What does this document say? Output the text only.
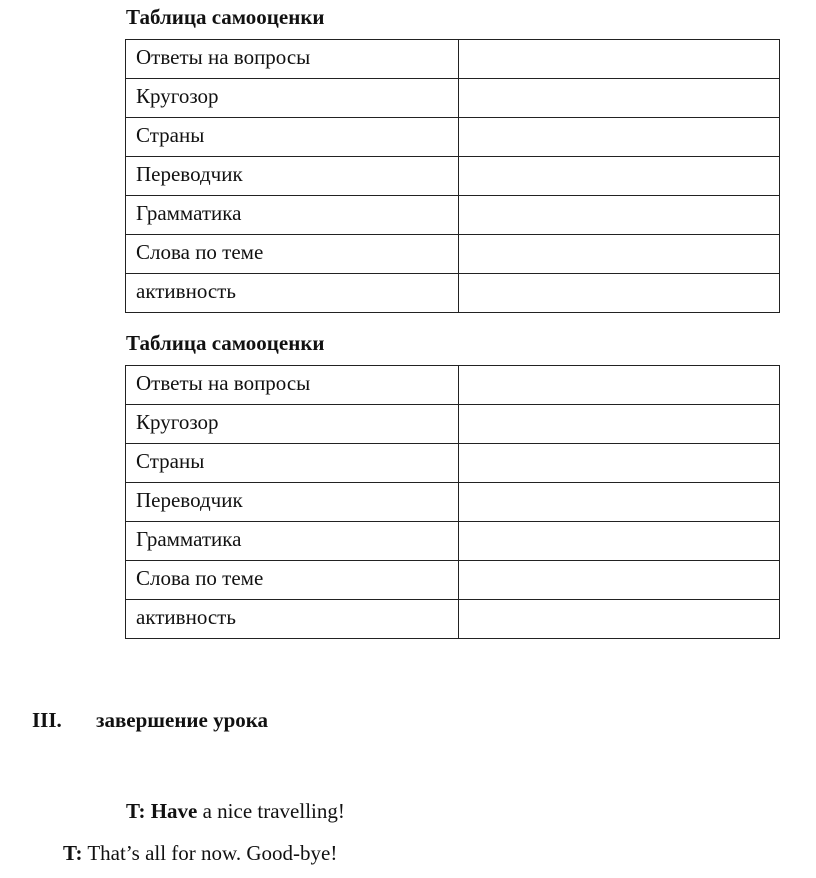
Таблица самооценки
Ответы на вопросы	
Кругозор	
Страны	
Переводчик	
Грамматика	
Слова по теме	
активность	
Таблица самооценки
Ответы на вопросы	
Кругозор	
Страны	
Переводчик	
Грамматика	
Слова по теме	
активность	
III. завершение урока
T: Have a nice travelling!
T: That’s all for now. Good-bye!
